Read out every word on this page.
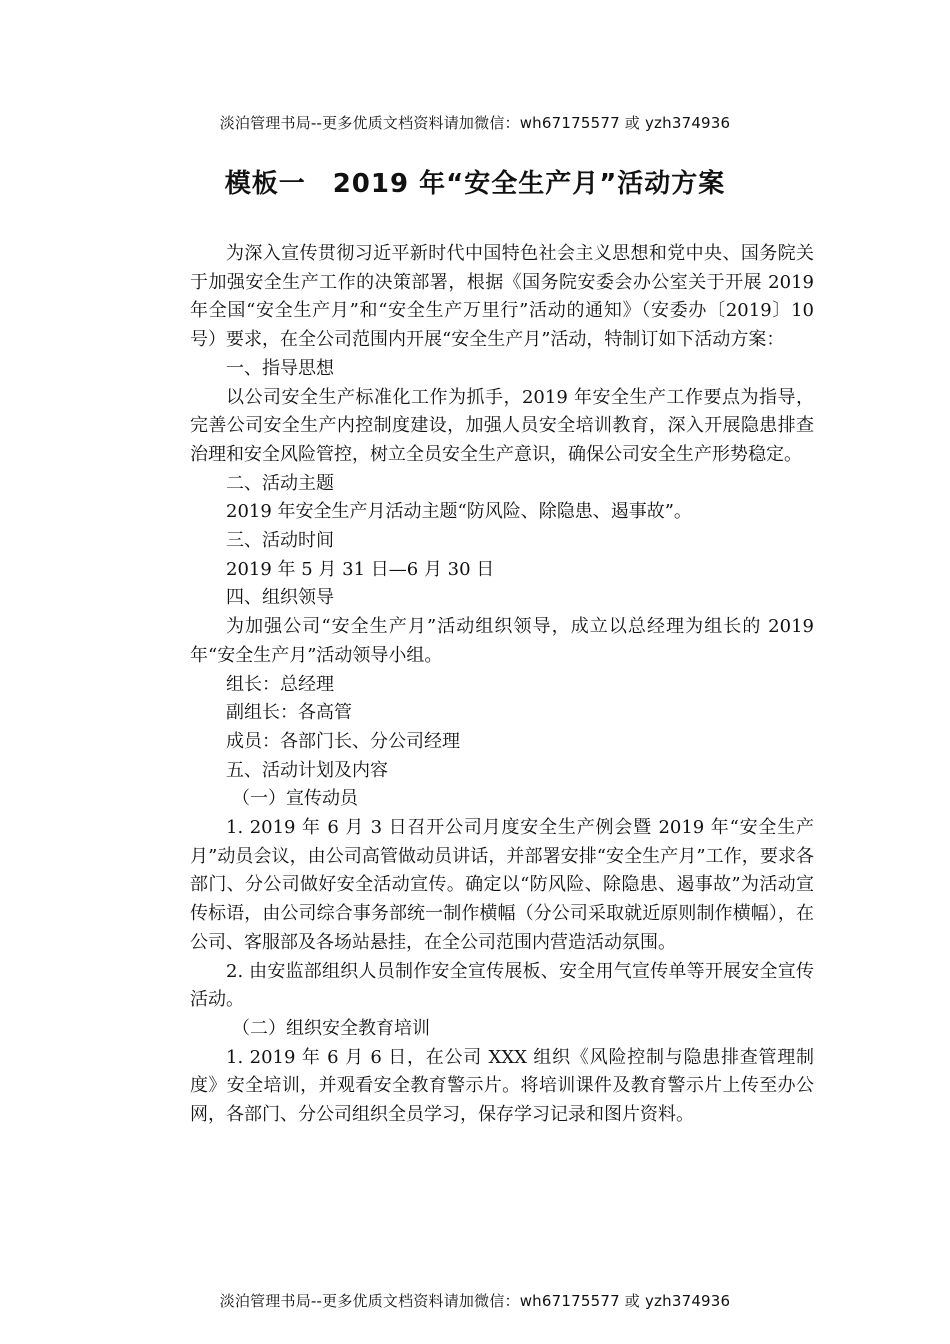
淡泊管理书局--更多优质文档资料请加微信：wh67175577 或 yzh374936
模板一　2019 年“安全生产月”活动方案

为深入宣传贯彻习近平新时代中国特色社会主义思想和党中央、国务院关于加强安全生产工作的决策部署，根据《国务院安委会办公室关于开展 2019 年全国“安全生产月”和“安全生产万里行”活动的通知》（安委办〔2019〕10 号）要求，在全公司范围内开展“安全生产月”活动，特制订如下活动方案：

一、指导思想

以公司安全生产标准化工作为抓手，2019 年安全生产工作要点为指导，完善公司安全生产内控制度建设，加强人员安全培训教育，深入开展隐患排查治理和安全风险管控，树立全员安全生产意识，确保公司安全生产形势稳定。

二、活动主题

2019 年安全生产月活动主题“防风险、除隐患、遏事故”。

三、活动时间

2019 年 5 月 31 日—6 月 30 日

四、组织领导

为加强公司“安全生产月”活动组织领导，成立以总经理为组长的 2019 年“安全生产月”活动领导小组。

组长：总经理

副组长：各高管

成员：各部门长、分公司经理

五、活动计划及内容

（一）宣传动员

1. 2019 年 6 月 3 日召开公司月度安全生产例会暨 2019 年“安全生产月”动员会议，由公司高管做动员讲话，并部署安排“安全生产月”工作，要求各部门、分公司做好安全活动宣传。确定以“防风险、除隐患、遏事故”为活动宣传标语，由公司综合事务部统一制作横幅（分公司采取就近原则制作横幅），在公司、客服部及各场站悬挂，在全公司范围内营造活动氛围。

2. 由安监部组织人员制作安全宣传展板、安全用气宣传单等开展安全宣传活动。

（二）组织安全教育培训

1. 2019 年 6 月 6 日，在公司 XXX 组织《风险控制与隐患排查管理制度》安全培训，并观看安全教育警示片。将培训课件及教育警示片上传至办公网，各部门、分公司组织全员学习，保存学习记录和图片资料。

淡泊管理书局--更多优质文档资料请加微信：wh67175577 或 yzh374936
